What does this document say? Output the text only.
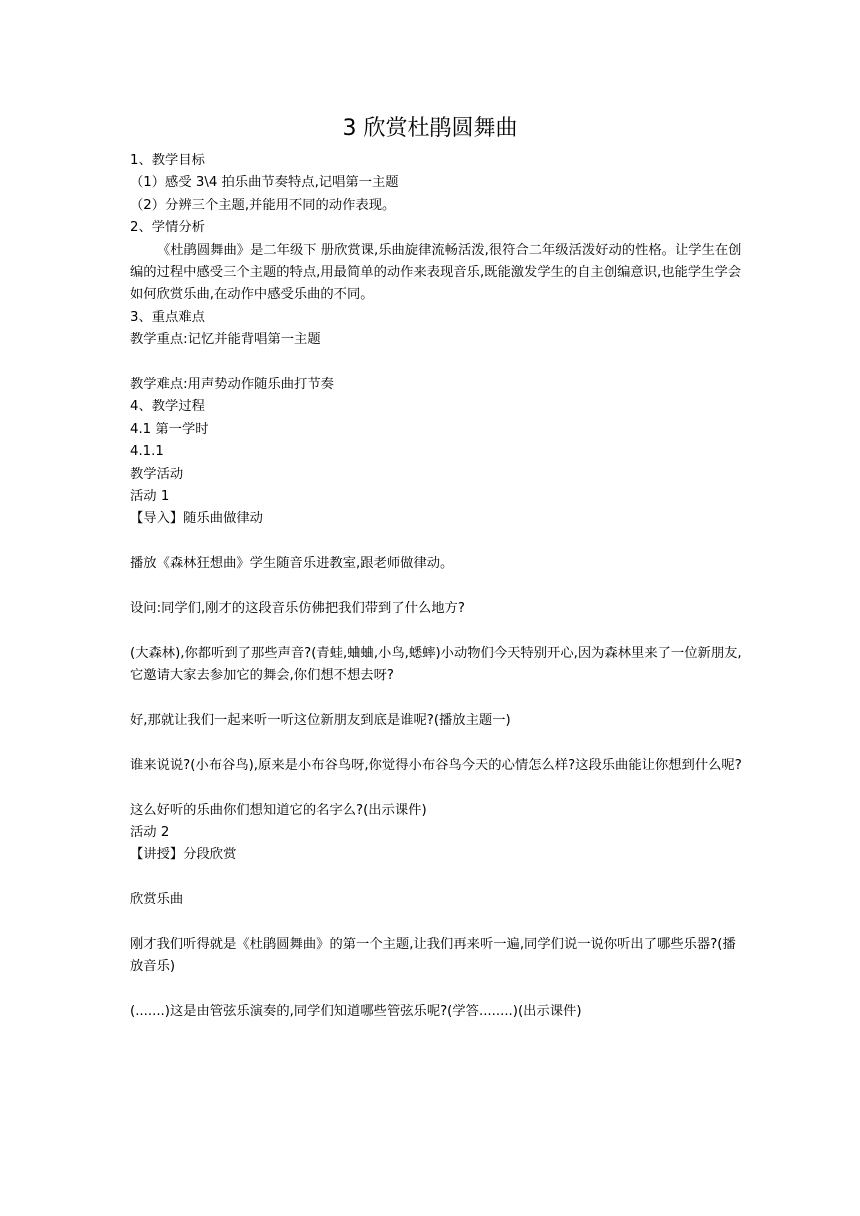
3 欣赏杜鹃圆舞曲
1、教学目标
（1）感受 3\4 拍乐曲节奏特点,记唱第一主题
（2）分辨三个主题,并能用不同的动作表现。
2、学情分析
《杜鹃圆舞曲》是二年级下 册欣赏课,乐曲旋律流畅活泼,很符合二年级活泼好动的性格。让学生在创编的过程中感受三个主题的特点,用最简单的动作来表现音乐,既能激发学生的自主创编意识,也能学生学会如何欣赏乐曲,在动作中感受乐曲的不同。
3、重点难点
教学重点:记忆并能背唱第一主题
教学难点:用声势动作随乐曲打节奏
4、教学过程
4.1 第一学时
4.1.1
教学活动
活动 1
【导入】随乐曲做律动
播放《森林狂想曲》学生随音乐进教室,跟老师做律动。
设问:同学们,刚才的这段音乐仿佛把我们带到了什么地方?
(大森林),你都听到了那些声音?(青蛙,蛐蛐,小鸟,蟋蟀)小动物们今天特别开心,因为森林里来了一位新朋友,它邀请大家去参加它的舞会,你们想不想去呀?
好,那就让我们一起来听一听这位新朋友到底是谁呢?(播放主题一)
谁来说说?(小布谷鸟),原来是小布谷鸟呀,你觉得小布谷鸟今天的心情怎么样?这段乐曲能让你想到什么呢?
这么好听的乐曲你们想知道它的名字么?(出示课件)
活动 2
【讲授】分段欣赏
欣赏乐曲
刚才我们听得就是《杜鹃圆舞曲》的第一个主题,让我们再来听一遍,同学们说一说你听出了哪些乐器?(播放音乐)
(.......)这是由管弦乐演奏的,同学们知道哪些管弦乐呢?(学答........)(出示课件)
